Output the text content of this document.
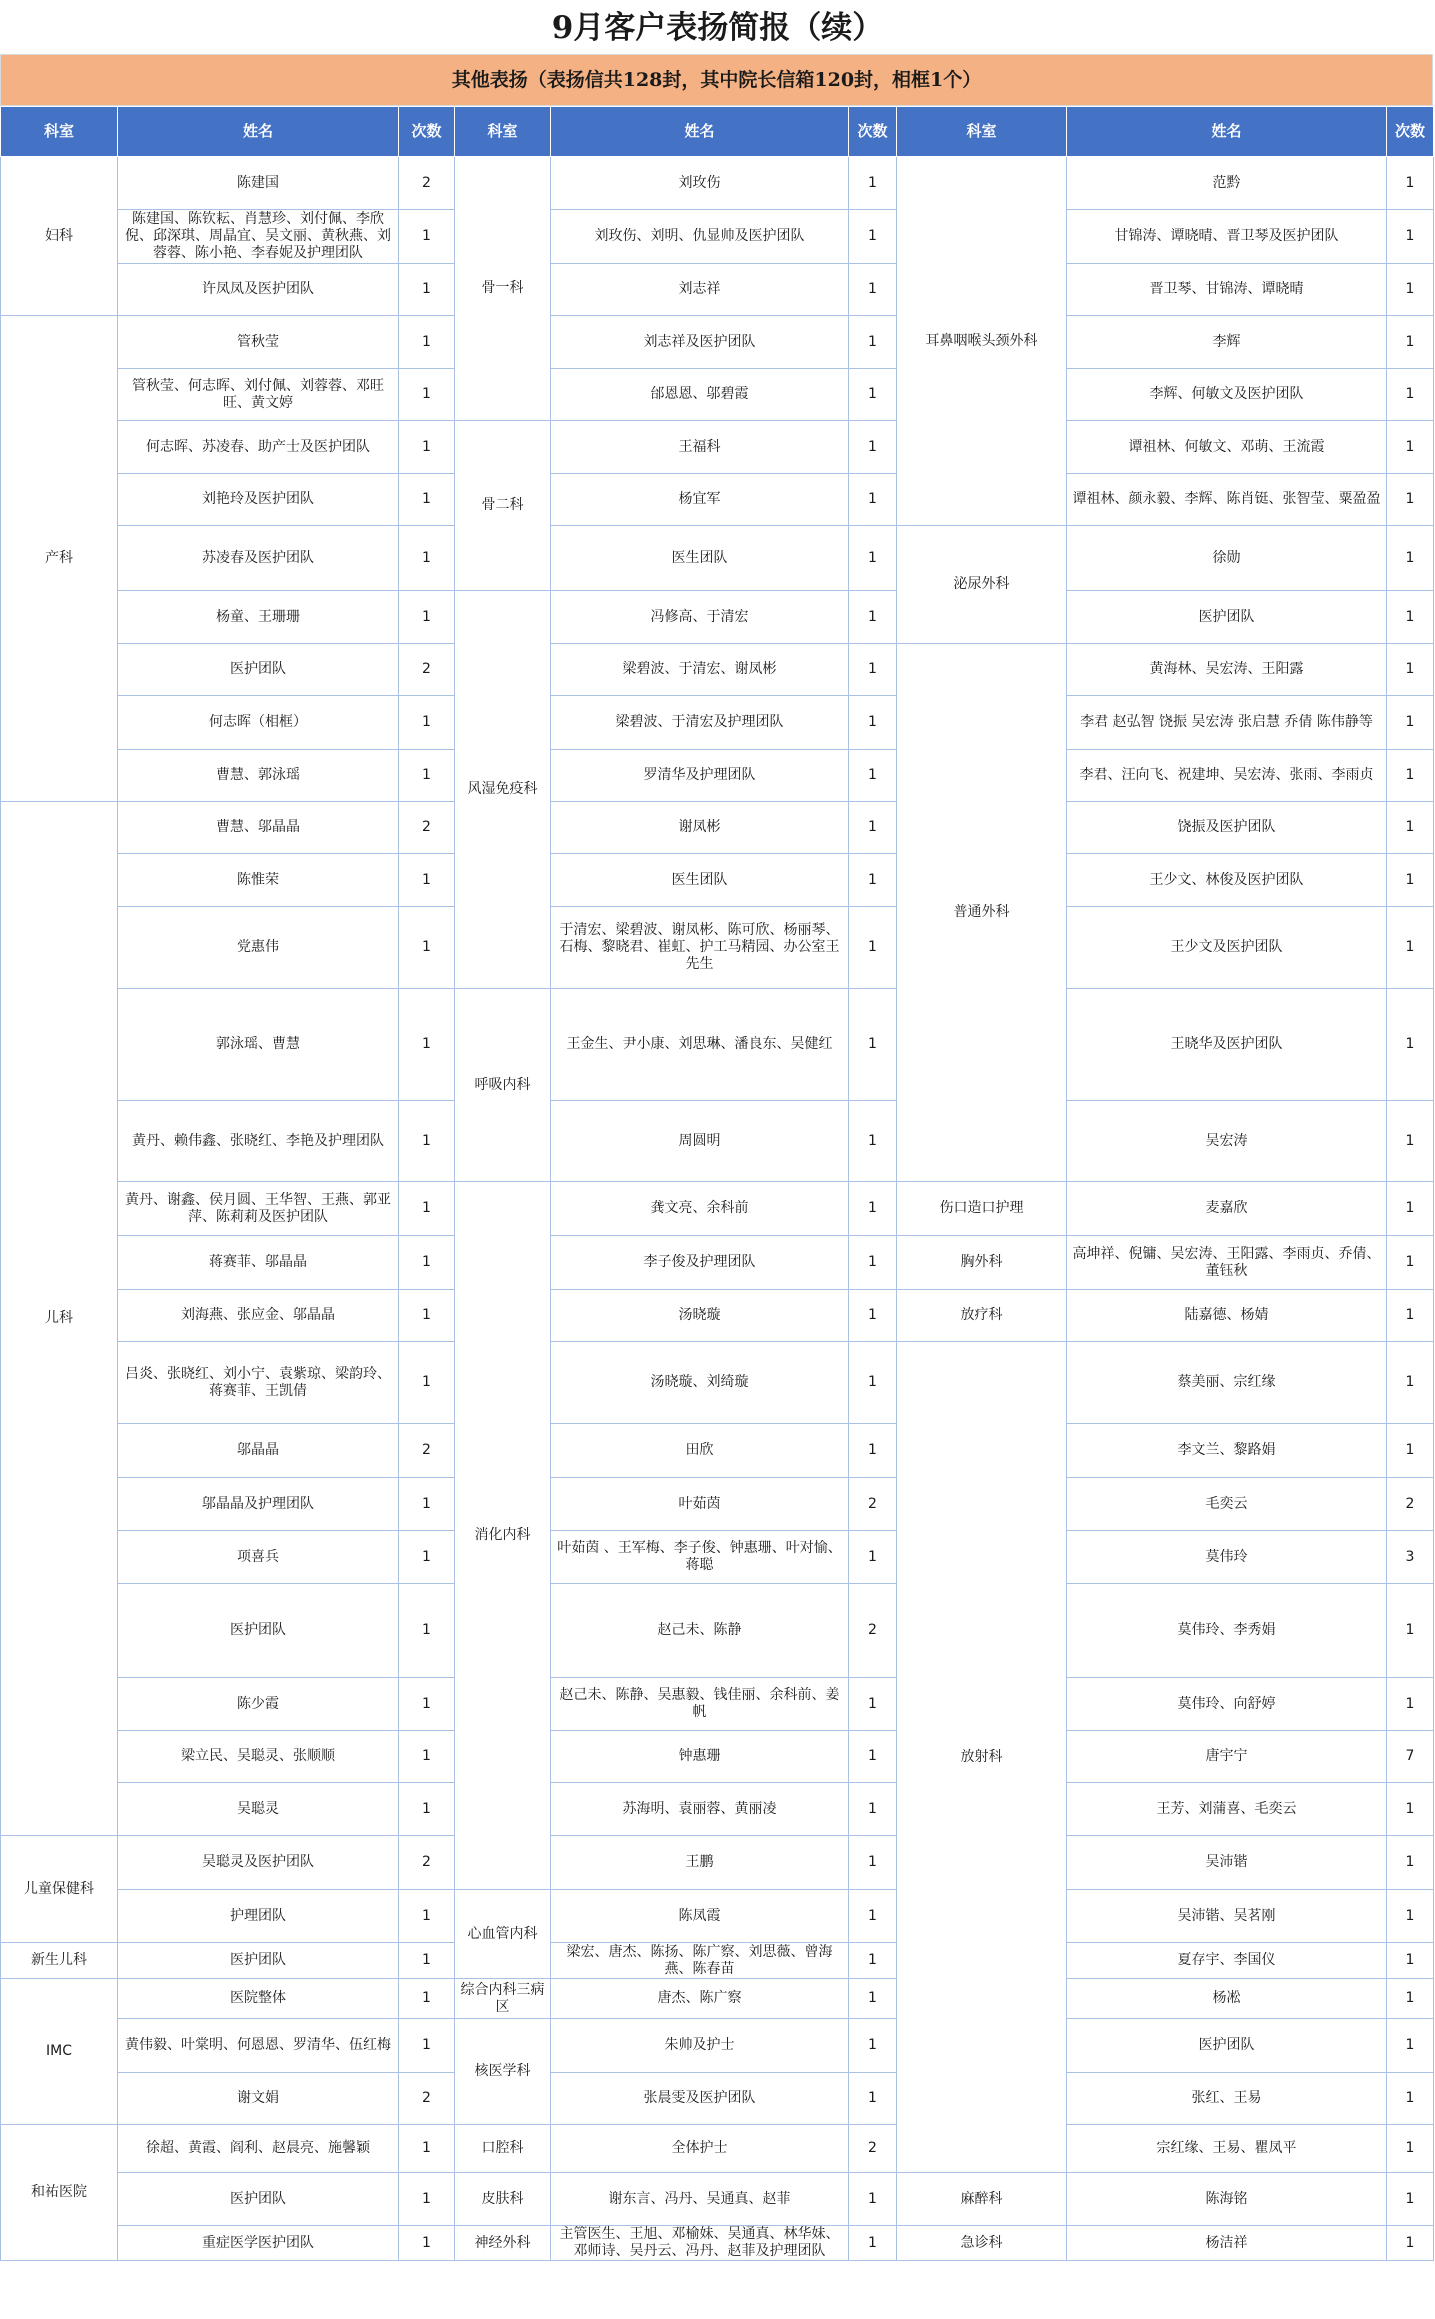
9月客户表扬简报（续）
其他表扬（表扬信共128封，其中院长信箱120封，相框1个）
科室	姓名	次数	科室	姓名	次数	科室	姓名	次数
妇科	陈建国	2	骨一科	刘玫伤	1	耳鼻咽喉头颈外科	范黔	1
	陈建国、陈钦耘、肖慧珍、刘付佩、李欣倪、邱深琪、周晶宜、吴文丽、黄秋燕、刘蓉蓉、陈小艳、李春妮及护理团队	1		刘玫伤、刘明、仇显帅及医护团队	1		甘锦涛、谭晓晴、晋卫琴及医护团队	1
	许凤凤及医护团队	1		刘志祥	1		晋卫琴、甘锦涛、谭晓晴	1
产科	管秋莹	1		刘志祥及医护团队	1		李辉	1
	管秋莹、何志晖、刘付佩、刘蓉蓉、邓旺旺、黄文婷	1		邰恩恩、邬碧霞	1		李辉、何敏文及医护团队	1
	何志晖、苏凌春、助产士及医护团队	1	骨二科	王福科	1		谭祖林、何敏文、邓萌、王流霞	1
	刘艳玲及医护团队	1		杨宜军	1		谭祖林、颜永毅、李辉、陈肖铤、张智莹、粟盈盈	1
	苏凌春及医护团队	1		医生团队	1	泌尿外科	徐勋	1
	杨童、王珊珊	1	风湿免疫科	冯修高、于清宏	1		医护团队	1
	医护团队	2		梁碧波、于清宏、谢凤彬	1	普通外科	黄海林、吴宏涛、王阳露	1
	何志晖（相框）	1		梁碧波、于清宏及护理团队	1		李君 赵弘智 饶振 吴宏涛 张启慧 乔倩 陈伟静等	1
	曹慧、郭泳瑶	1		罗清华及护理团队	1		李君、汪向飞、祝建坤、吴宏涛、张雨、李雨贞	1
儿科	曹慧、邬晶晶	2		谢凤彬	1		饶振及医护团队	1
	陈惟荣	1		医生团队	1		王少文、林俊及医护团队	1
	党惠伟	1		于清宏、梁碧波、谢凤彬、陈可欣、杨丽琴、石梅、黎晓君、崔虹、护工马精园、办公室王先生	1		王少文及医护团队	1
	郭泳瑶、曹慧	1	呼吸内科	王金生、尹小康、刘思琳、潘良东、吴健红	1		王晓华及医护团队	1
	黄丹、赖伟鑫、张晓红、李艳及护理团队	1		周圆明	1		吴宏涛	1
	黄丹、谢鑫、侯月圆、王华智、王燕、郭亚萍、陈莉莉及医护团队	1	消化内科	龚文亮、余科前	1	伤口造口护理	麦嘉欣	1
	蒋赛菲、邬晶晶	1		李子俊及护理团队	1	胸外科	高坤祥、倪镛、吴宏涛、王阳露、李雨贞、乔倩、董钰秋	1
	刘海燕、张应金、邬晶晶	1		汤晓璇	1	放疗科	陆嘉德、杨婧	1
	吕炎、张晓红、刘小宁、袁紫琼、梁韵玲、蒋赛菲、王凯倩	1		汤晓璇、刘绮璇	1	放射科	蔡美丽、宗红缘	1
	邬晶晶	2		田欣	1		李文兰、黎路娟	1
	邬晶晶及护理团队	1		叶茹茵	2		毛奕云	2
	项喜兵	1		叶茹茵 、王军梅、李子俊、钟惠珊、叶对愉、蒋聪	1		莫伟玲	3
	医护团队	1		赵己未、陈静	2		莫伟玲、李秀娟	1
	陈少霞	1		赵己未、陈静、吴惠毅、钱佳丽、余科前、姜帆	1		莫伟玲、向舒婷	1
	梁立民、吴聪灵、张顺顺	1		钟惠珊	1		唐宇宁	7
	吴聪灵	1		苏海明、袁丽蓉、黄丽凌	1		王芳、刘蒲喜、毛奕云	1
儿童保健科	吴聪灵及医护团队	2		王鹏	1		吴沛锴	1
	护理团队	1	心血管内科	陈凤霞	1		吴沛锴、吴茗刚	1
新生儿科	医护团队	1		梁宏、唐杰、陈扬、陈广察、刘思薇、曾海燕、陈春苗	1		夏存宇、李国仪	1
IMC	医院整体	1	综合内科三病区	唐杰、陈广察	1		杨凇	1
	黄伟毅、叶棠明、何恩恩、罗清华、伍红梅	1	核医学科	朱帅及护士	1		医护团队	1
	谢文娟	2		张晨雯及医护团队	1		张红、王易	1
和祐医院	徐超、黄霞、阎利、赵晨亮、施馨颖	1	口腔科	全体护士	2		宗红缘、王易、瞿凤平	1
	医护团队	1	皮肤科	谢东言、冯丹、吴通真、赵菲	1	麻醉科	陈海铭	1
	重症医学医护团队	1	神经外科	主管医生、王旭、邓榆妹、吴通真、林华妹、邓师诗、吴丹云、冯丹、赵菲及护理团队	1	急诊科	杨洁祥	1
